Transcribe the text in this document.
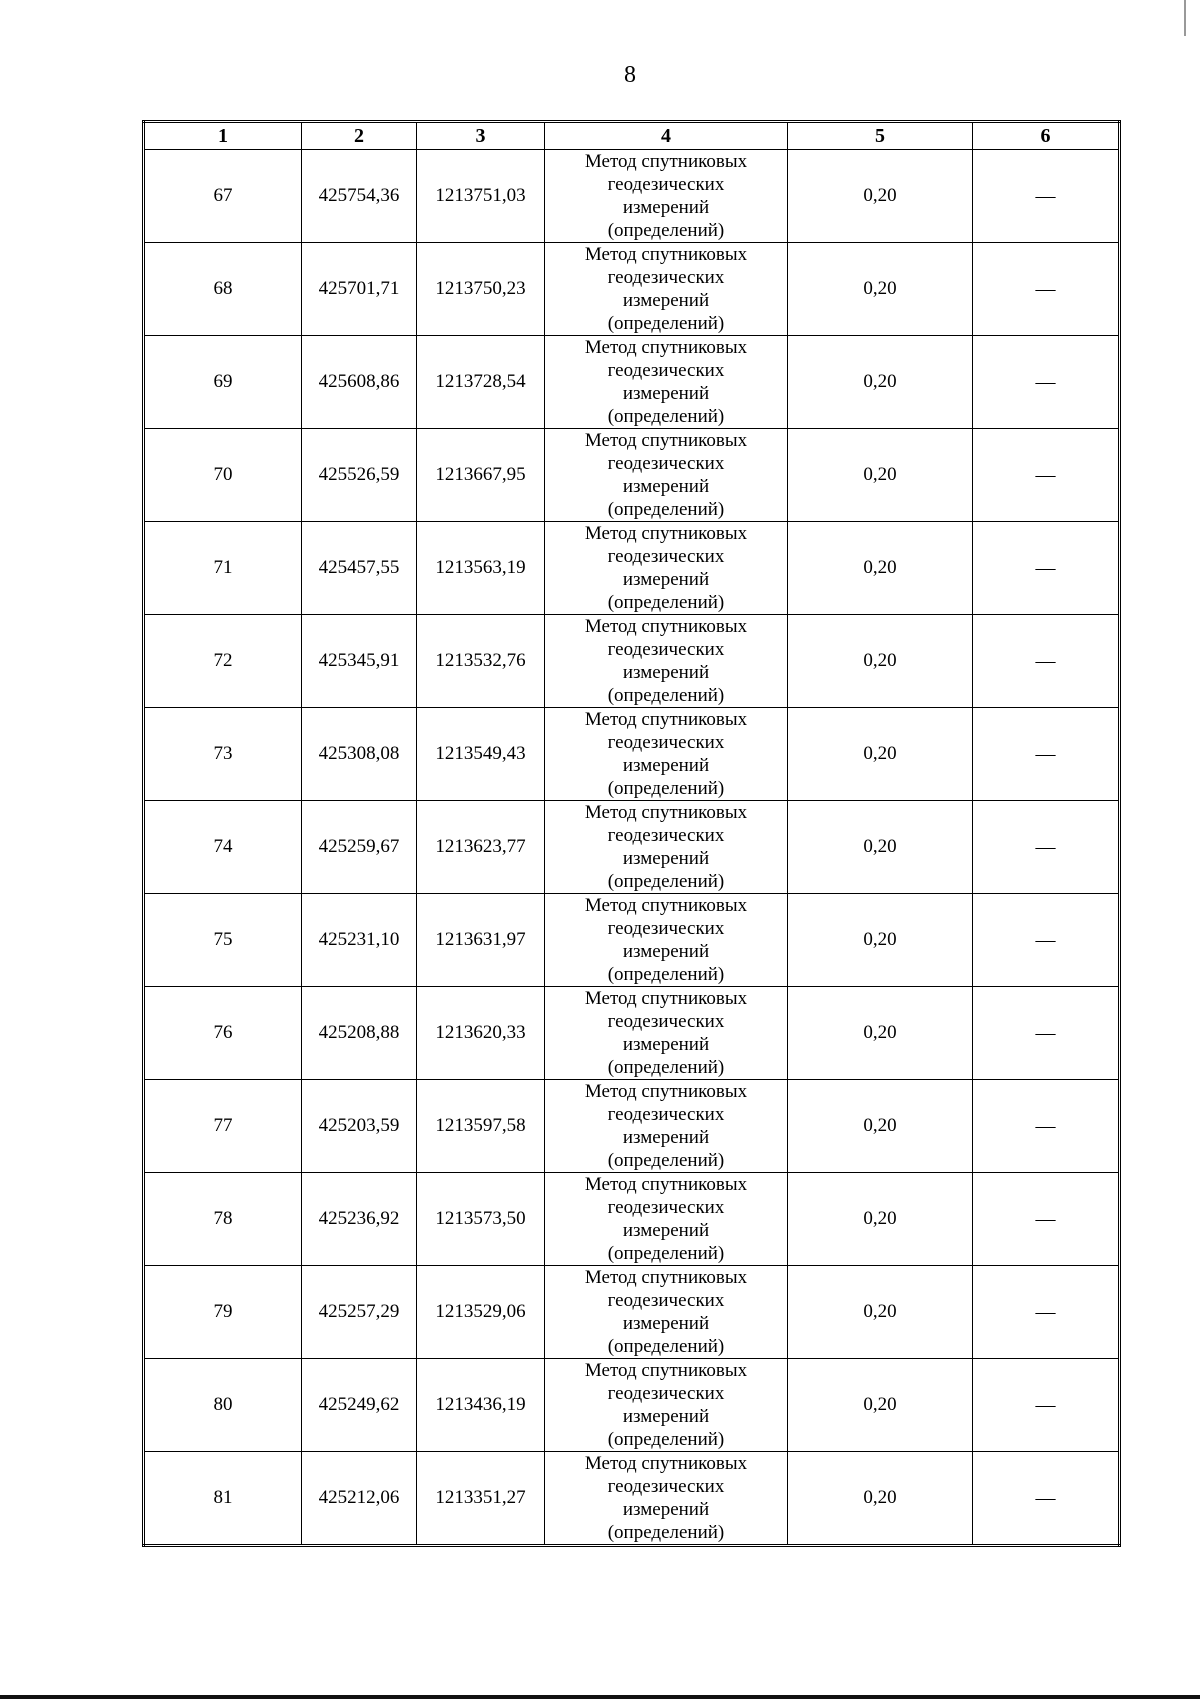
8
1	2	3	4	5	6
67	425754,36	1213751,03	Метод спутниковых
геодезических
измерений
(определений)	0,20	—
68	425701,71	1213750,23	Метод спутниковых
геодезических
измерений
(определений)	0,20	—
69	425608,86	1213728,54	Метод спутниковых
геодезических
измерений
(определений)	0,20	—
70	425526,59	1213667,95	Метод спутниковых
геодезических
измерений
(определений)	0,20	—
71	425457,55	1213563,19	Метод спутниковых
геодезических
измерений
(определений)	0,20	—
72	425345,91	1213532,76	Метод спутниковых
геодезических
измерений
(определений)	0,20	—
73	425308,08	1213549,43	Метод спутниковых
геодезических
измерений
(определений)	0,20	—
74	425259,67	1213623,77	Метод спутниковых
геодезических
измерений
(определений)	0,20	—
75	425231,10	1213631,97	Метод спутниковых
геодезических
измерений
(определений)	0,20	—
76	425208,88	1213620,33	Метод спутниковых
геодезических
измерений
(определений)	0,20	—
77	425203,59	1213597,58	Метод спутниковых
геодезических
измерений
(определений)	0,20	—
78	425236,92	1213573,50	Метод спутниковых
геодезических
измерений
(определений)	0,20	—
79	425257,29	1213529,06	Метод спутниковых
геодезических
измерений
(определений)	0,20	—
80	425249,62	1213436,19	Метод спутниковых
геодезических
измерений
(определений)	0,20	—
81	425212,06	1213351,27	Метод спутниковых
геодезических
измерений
(определений)	0,20	—
